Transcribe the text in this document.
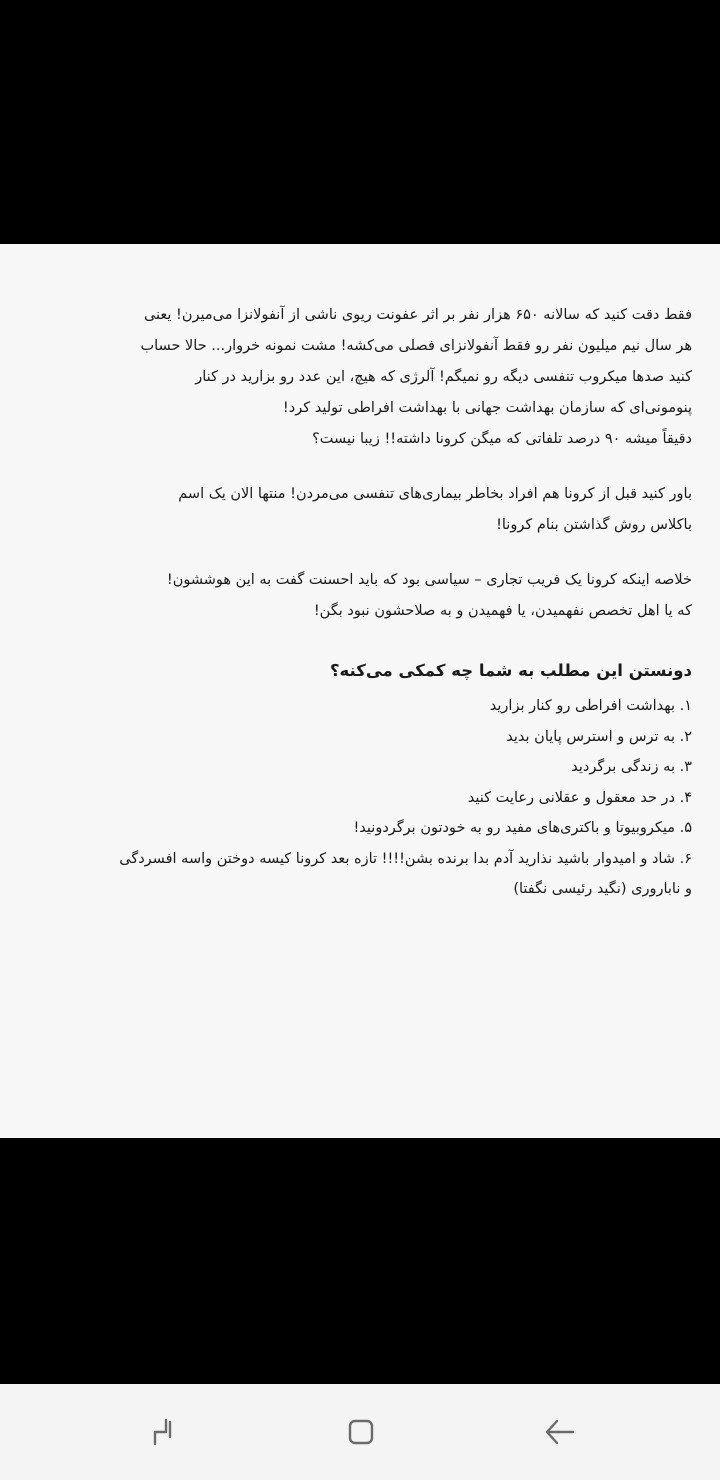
فقط دقت کنید که سالانه ۶۵۰ هزار نفر بر اثر عفونت ریوی ناشی از آنفولانزا می‌میرن! یعنی

هر سال نیم میلیون نفر رو فقط آنفولانزای فصلی می‌کشه! مشت نمونه خروار... حالا حساب

کنید صدها میکروب تنفسی دیگه رو نمیگم! آلرژی که هیچ، این عدد رو بزارید در کنار

پنومونی‌ای که سازمان بهداشت جهانی با بهداشت افراطی تولید کرد!

دقیقاً میشه ۹۰ درصد تلفاتی که میگن کرونا داشته!! زیبا نیست؟

باور کنید قبل از کرونا هم افراد بخاطر بیماری‌های تنفسی می‌مردن! منتها الان یک اسم

باکلاس روش گذاشتن بنام کرونا!

خلاصه اینکه کرونا یک فریب تجاری – سیاسی بود که باید احسنت گفت به این هوششون!

که یا اهل تخصص نفهمیدن، یا فهمیدن و به صلاحشون نبود بگن!

دونستن این مطلب به شما چه کمکی می‌کنه؟
۱. بهداشت افراطی رو کنار بزارید
۲. به ترس و استرس پایان بدید
۳. به زندگی برگردید
۴. در حد معقول و عقلانی رعایت کنید
۵. میکروبیوتا و باکتری‌های مفید رو به خودتون برگردونید!
۶. شاد و امیدوار باشید نذارید آدم بدا برنده بشن!!!! تازه بعد کرونا کیسه دوختن واسه افسردگی
و ناباروری (نگید رئیسی نگفتا)
